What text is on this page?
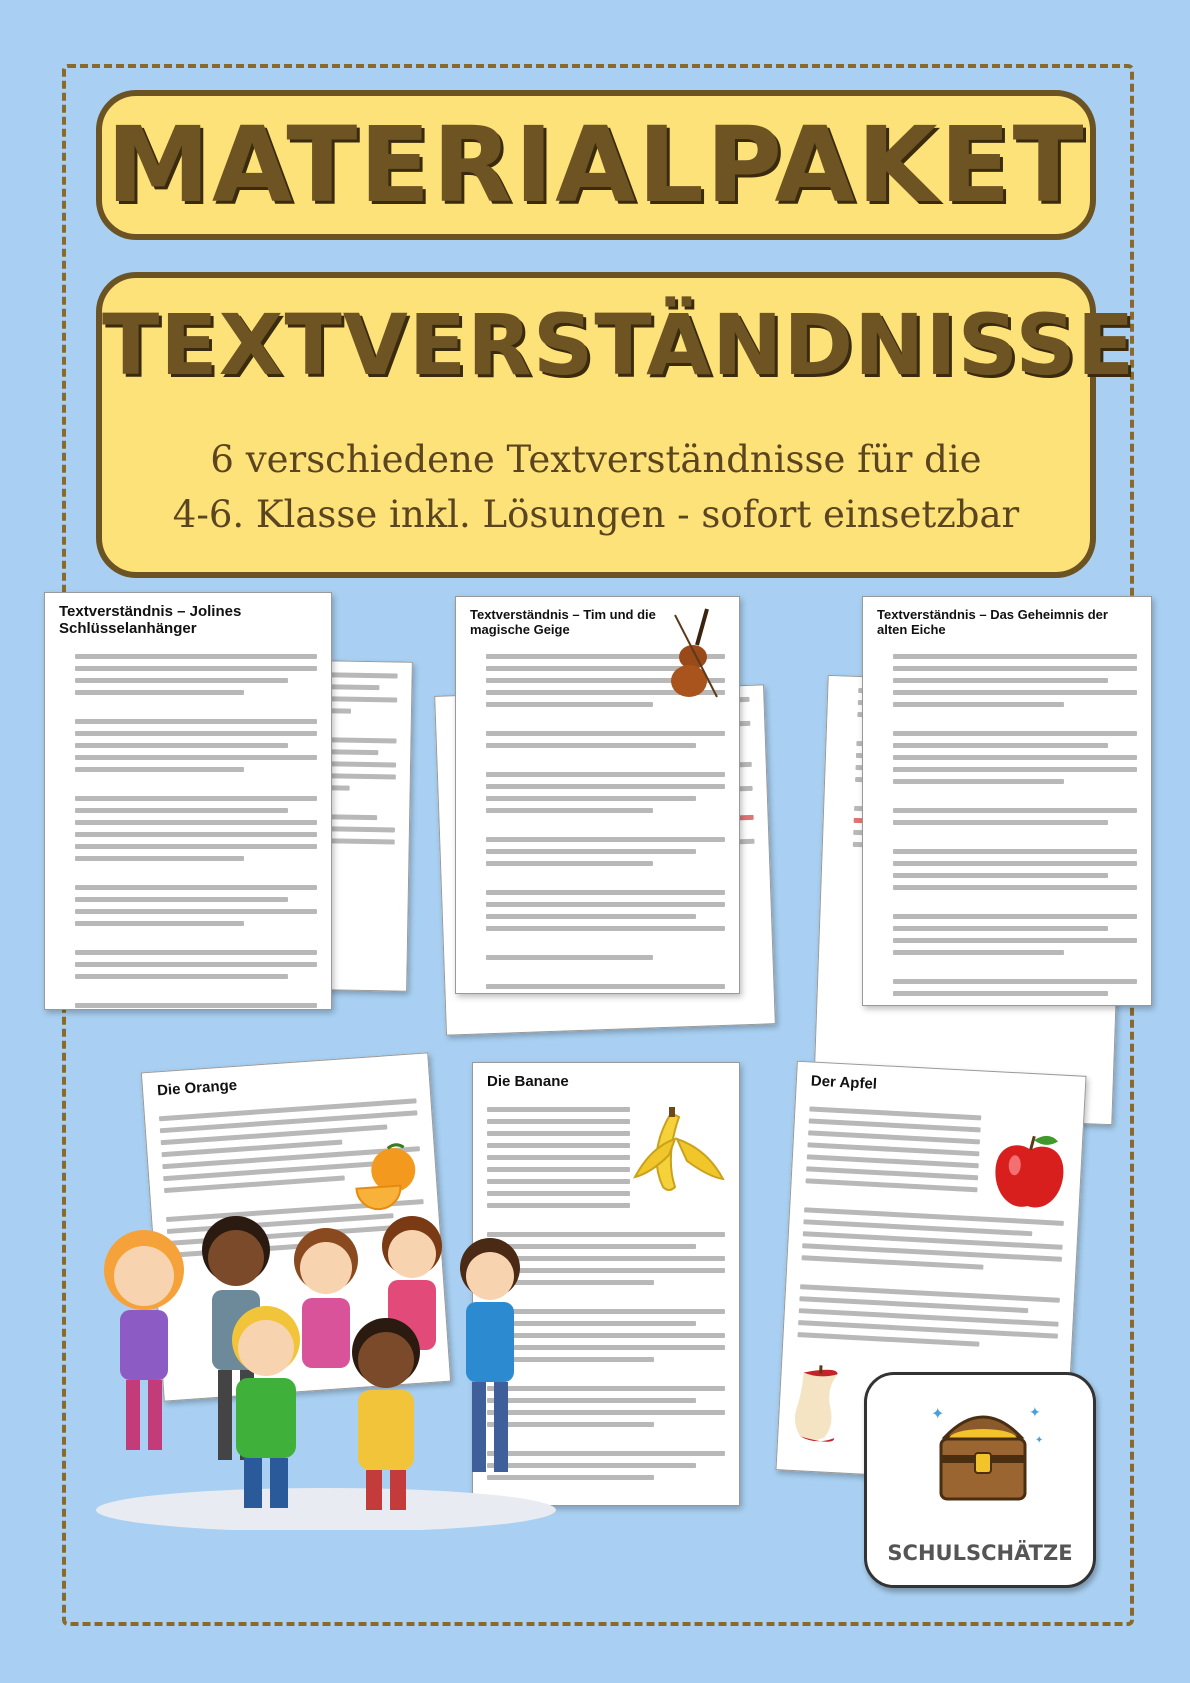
MATERIALPAKET
TEXTVERSTÄNDNISSE
6 verschiedene Textverständnisse für die
4-6. Klasse inkl. Lösungen - sofort einsetzbar
Textverständnis – Jolines Schlüsselanhänger
Textverständnis – Tim und die magische Geige
Textverständnis – Das Geheimnis der alten Eiche
Die Orange	Die Banane	Der Apfel
✦	✦
✦
SCHULSCHÄTZE
